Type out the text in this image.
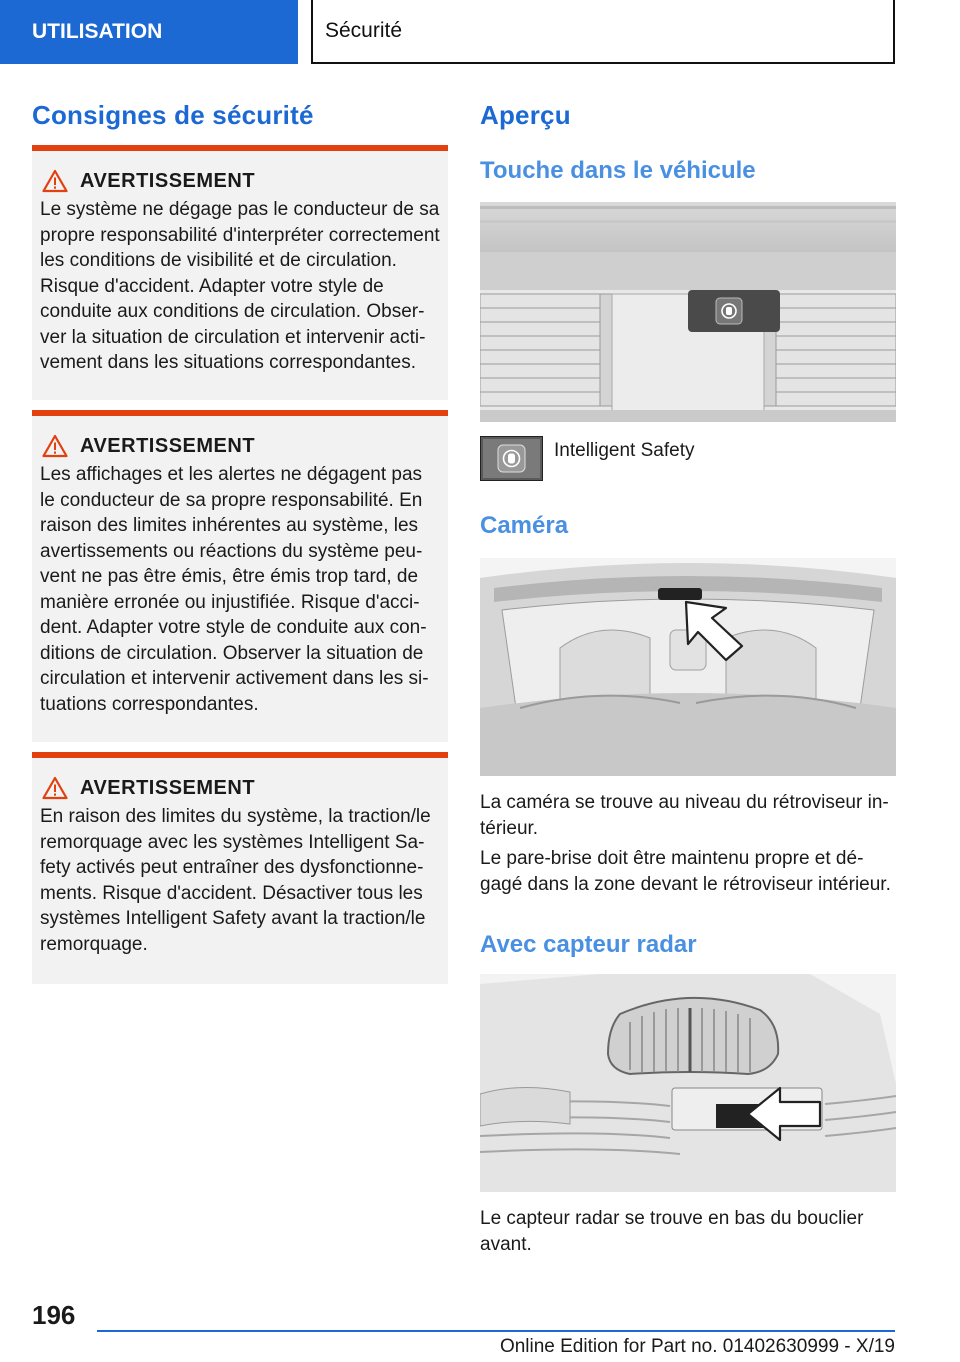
UTILISATION	Sécurité
Consignes de sécurité
AVERTISSEMENT
Le système ne dégage pas le conducteur de sa propre responsabilité d'interpréter correctement les conditions de visibilité et de circulation. Risque d'accident. Adapter votre style de conduite aux conditions de circulation. Observer la situation de circulation et intervenir activement dans les situations correspondantes.
AVERTISSEMENT
Les affichages et les alertes ne dégagent pas le conducteur de sa propre responsabilité. En raison des limites inhérentes au système, les avertissements ou réactions du système peuvent ne pas être émis, être émis trop tard, de manière erronée ou injustifiée. Risque d'accident. Adapter votre style de conduite aux conditions de circulation. Observer la situation de circulation et intervenir activement dans les situations correspondantes.
AVERTISSEMENT
En raison des limites du système, la traction/le remorquage avec les systèmes Intelligent Safety activés peut entraîner des dysfonctionnements. Risque d'accident. Désactiver tous les systèmes Intelligent Safety avant la traction/le remorquage.
Aperçu
Touche dans le véhicule
Intelligent Safety
Caméra
La caméra se trouve au niveau du rétroviseur intérieur.
Le pare-brise doit être maintenu propre et dégagé dans la zone devant le rétroviseur intérieur.
Avec capteur radar
Le capteur radar se trouve en bas du bouclier avant.
196
Online Edition for Part no. 01402630999 - X/19
